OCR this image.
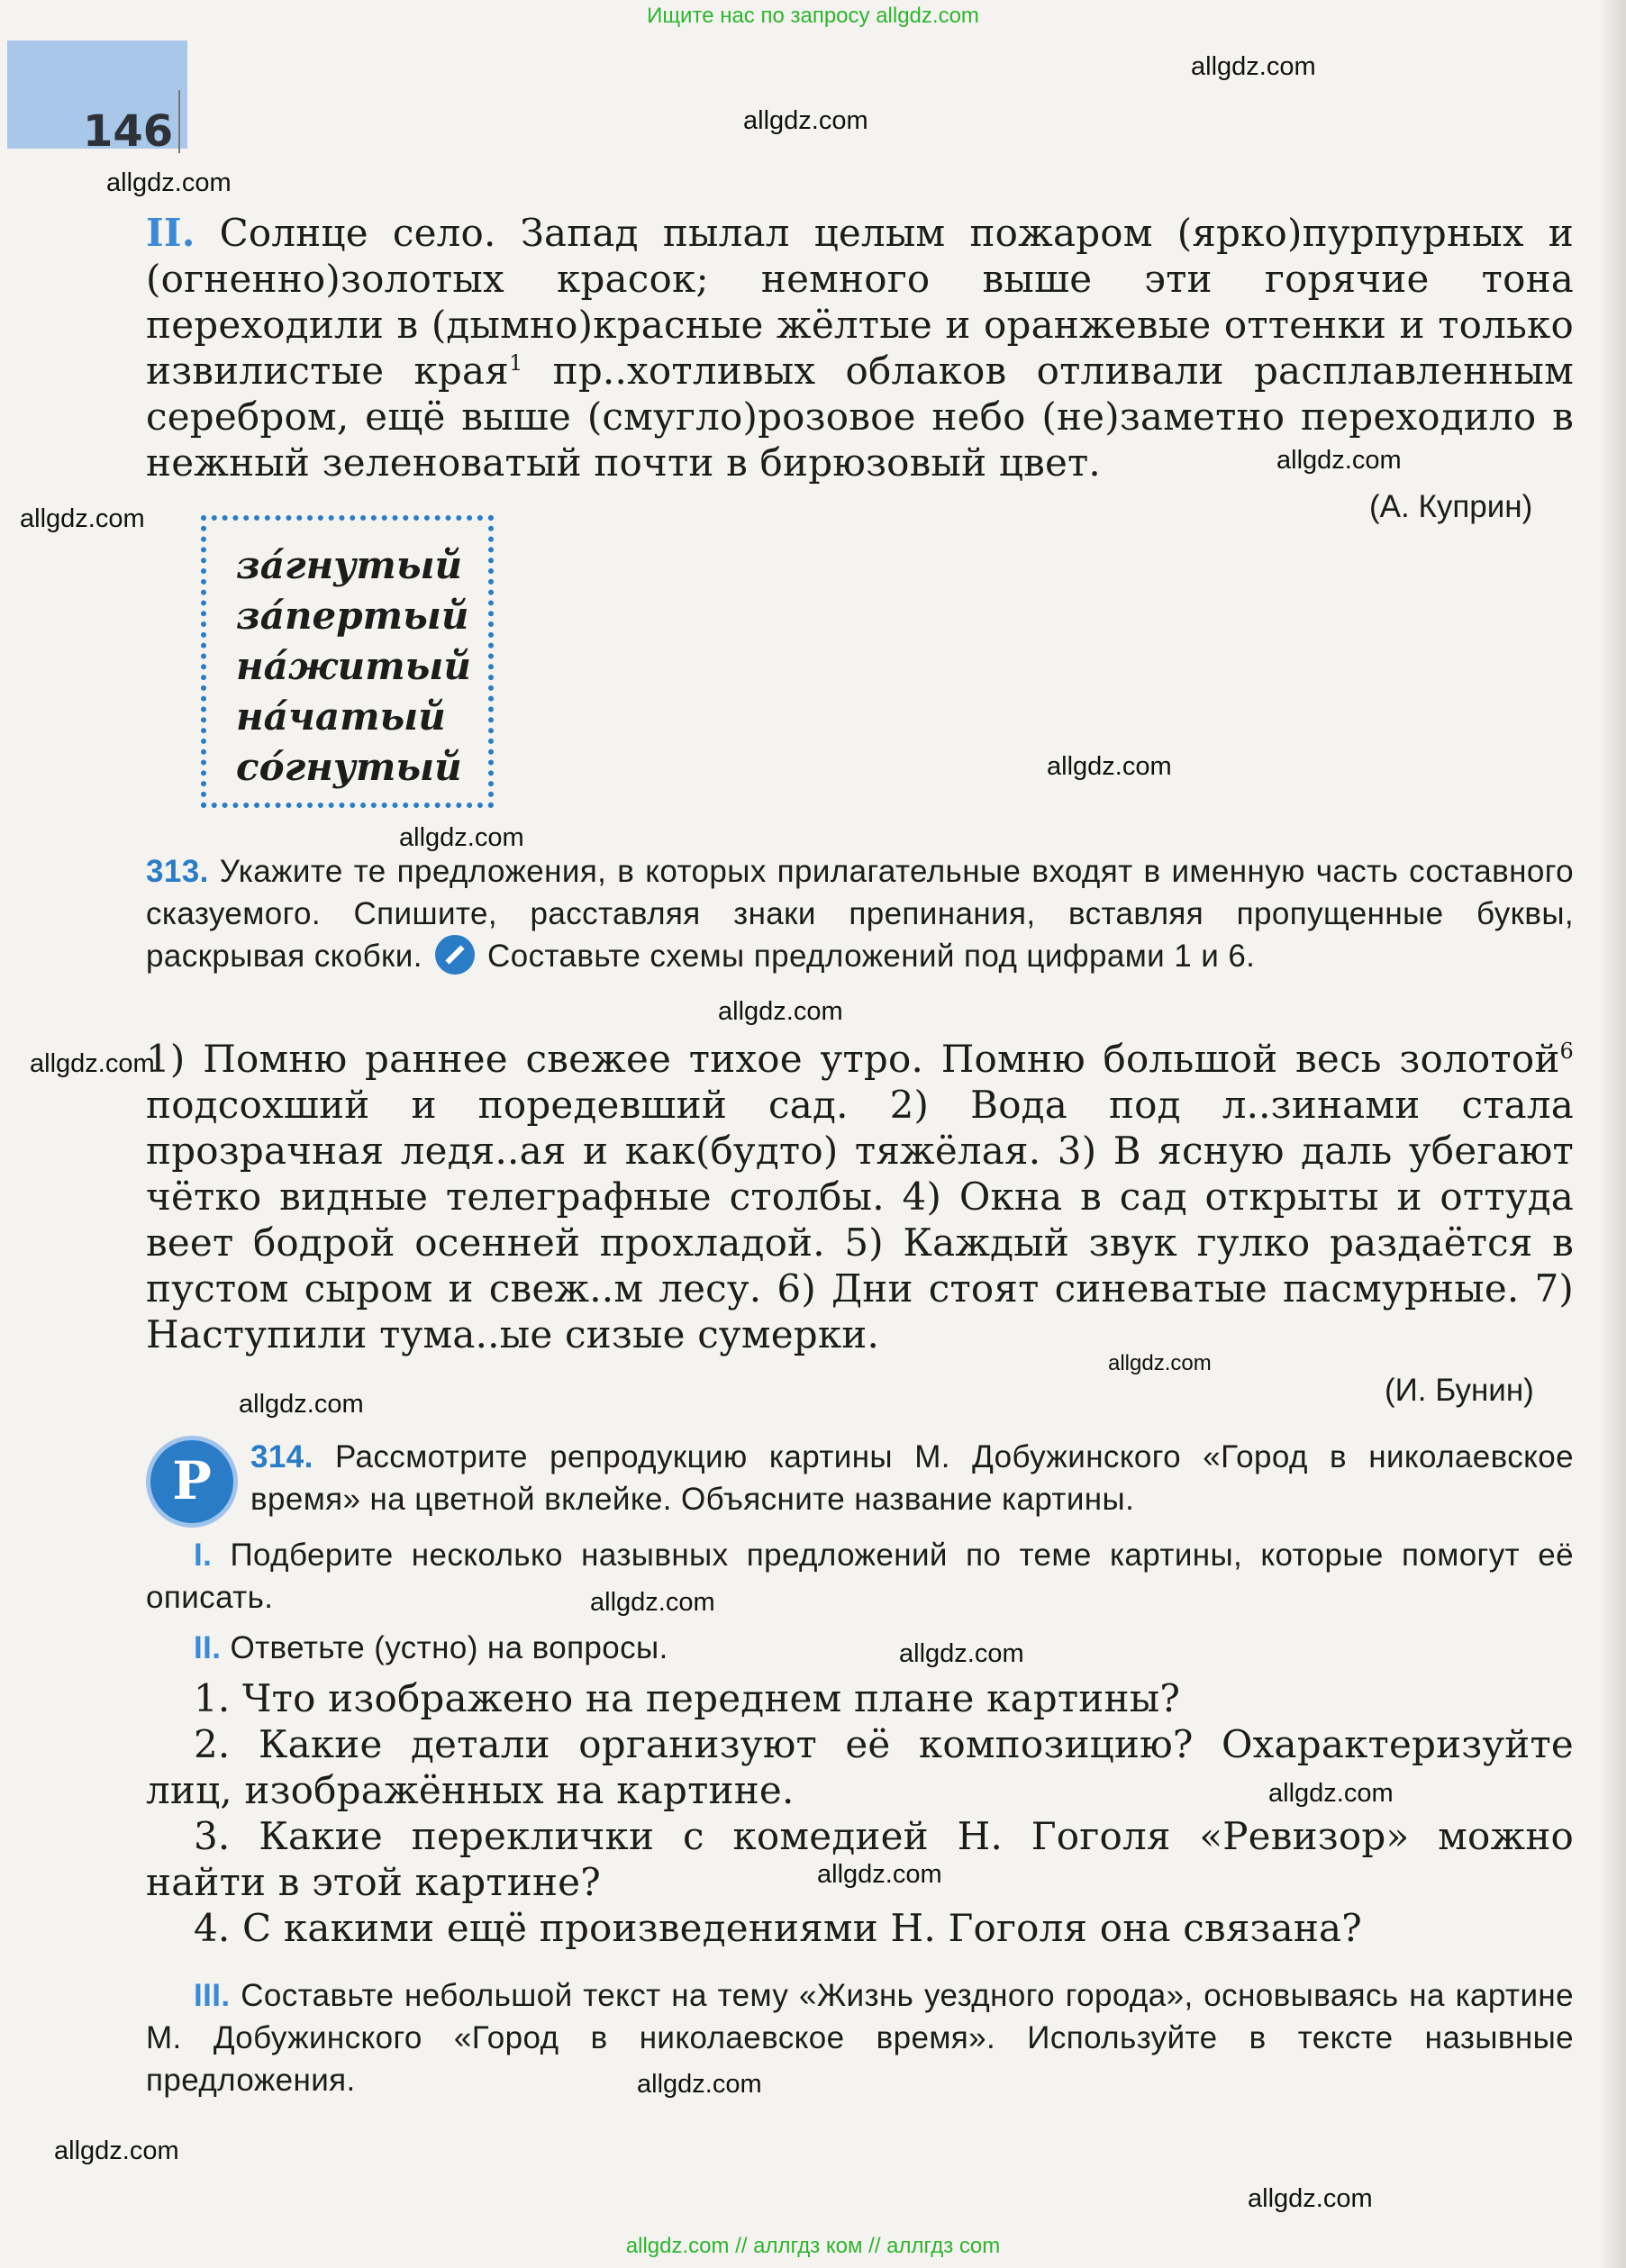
146
Ищите нас по запросу allgdz.com
allgdz.com
allgdz.com
allgdz.com
allgdz.com
allgdz.com
allgdz.com
allgdz.com
allgdz.com
allgdz.com
allgdz.com
allgdz.com
allgdz.com
allgdz.com
allgdz.com
allgdz.com
allgdz.com
allgdz.com
allgdz.com
II. Солнце село. Запад пылал целым пожаром (ярко)пурпурных и (огненно)золотых красок; немного выше эти горячие тона переходили в (дымно)красные жёлтые и оранжевые оттенки и только извилистые края$^1$ пр..хотливых облаков отливали расплавленным серебром, ещё выше (смугло)розовое небо (не)заметно переходило в нежный зеленоватый почти в бирюзовый цвет.
(А. Куприн)
за́гнутый
за́пертый
на́житый
на́чатый
со́гнутый
313. Укажите те предложения, в которых прилагательные входят в именную часть составного сказуемого. Спишите, расставляя знаки препинания, вставляя пропущенные буквы, раскрывая скобки.  Составьте схемы предложений под цифрами 1 и 6.
1) Помню раннее свежее тихое утро. Помню большой весь золотой$^6$ подсохший и поредевший сад. 2) Вода под л..зинами стала прозрачная ледя..ая и как(будто) тяжёлая. 3) В ясную даль убегают чётко видные телеграфные столбы. 4) Окна в сад открыты и оттуда веет бодрой осенней прохладой. 5) Каждый звук гулко раздаётся в пустом сыром и свеж..м лесу. 6) Дни стоят синеватые пасмурные. 7) Наступили тума..ые сизые сумерки.
(И. Бунин)
Р	314. Рассмотрите репродукцию картины М. Добужинского «Город в николаевское время» на цветной вклейке. Объясните название картины.
I. Подберите несколько назывных предложений по теме картины, которые помогут её описать.
II. Ответьте (устно) на вопросы.
1. Что изображено на переднем плане картины?
2. Какие детали организуют её композицию? Охарактеризуйте лиц, изображённых на картине.
3. Какие переклички с комедией Н. Гоголя «Ревизор» можно найти в этой картине?
4. С какими ещё произведениями Н. Гоголя она связана?
III. Составьте небольшой текст на тему «Жизнь уездного города», основываясь на картине М. Добужинского «Город в николаевское время». Используйте в тексте назывные предложения.
allgdz.com // аллгдз ком // аллгдз com
